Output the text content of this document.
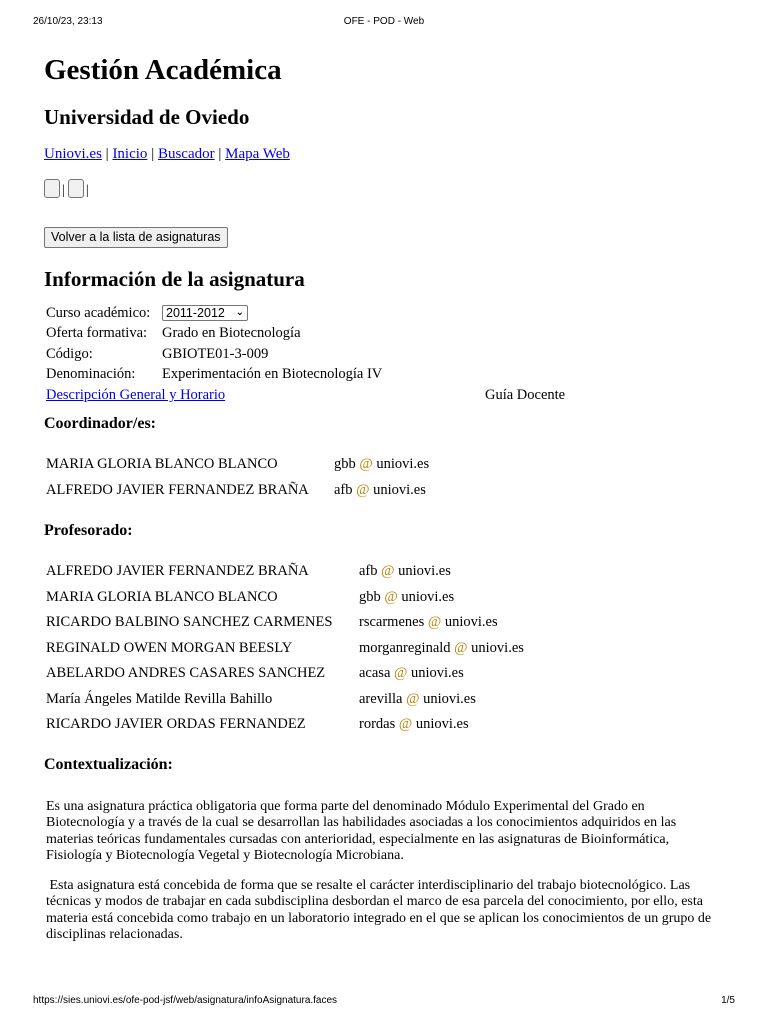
26/10/23, 23:13	OFE - POD - Web
Gestión Académica
Universidad de Oviedo
Uniovi.es | Inicio | Buscador | Mapa Web
| |
Volver a la lista de asignaturas
Información de la asignatura
Curso académico:	2011-2012 ⌄

Oferta formativa:	Grado en Biotecnología
Código:	GBIOTE01-3-009
Denominación:	Experimentación en Biotecnología IV
Descripción General y Horario	Guía Docente
Coordinador/es:
MARIA GLORIA BLANCO BLANCO	gbb @ uniovi.es
ALFREDO JAVIER FERNANDEZ BRAÑA	afb @ uniovi.es
Profesorado:
ALFREDO JAVIER FERNANDEZ BRAÑA	afb @ uniovi.es
MARIA GLORIA BLANCO BLANCO	gbb @ uniovi.es
RICARDO BALBINO SANCHEZ CARMENES	rscarmenes @ uniovi.es
REGINALD OWEN MORGAN BEESLY	morganreginald @ uniovi.es
ABELARDO ANDRES CASARES SANCHEZ	acasa @ uniovi.es
María Ángeles Matilde Revilla Bahillo	arevilla @ uniovi.es
RICARDO JAVIER ORDAS FERNANDEZ	rordas @ uniovi.es
Contextualización:

Es una asignatura práctica obligatoria que forma parte del denominado Módulo Experimental del Grado en Biotecnología y a través de la cual se desarrollan las habilidades asociadas a los conocimientos adquiridos en las materias teóricas fundamentales cursadas con anterioridad, especialmente en las asignaturas de Bioinformática, Fisiología y Biotecnología Vegetal y Biotecnología Microbiana.

Esta asignatura está concebida de forma que se resalte el carácter interdisciplinario del trabajo biotecnológico. Las técnicas y modos de trabajar en cada subdisciplina desbordan el marco de esa parcela del conocimiento, por ello, esta materia está concebida como trabajo en un laboratorio integrado en el que se aplican los conocimientos de un grupo de disciplinas relacionadas.

https://sies.uniovi.es/ofe-pod-jsf/web/asignatura/infoAsignatura.faces	1/5
